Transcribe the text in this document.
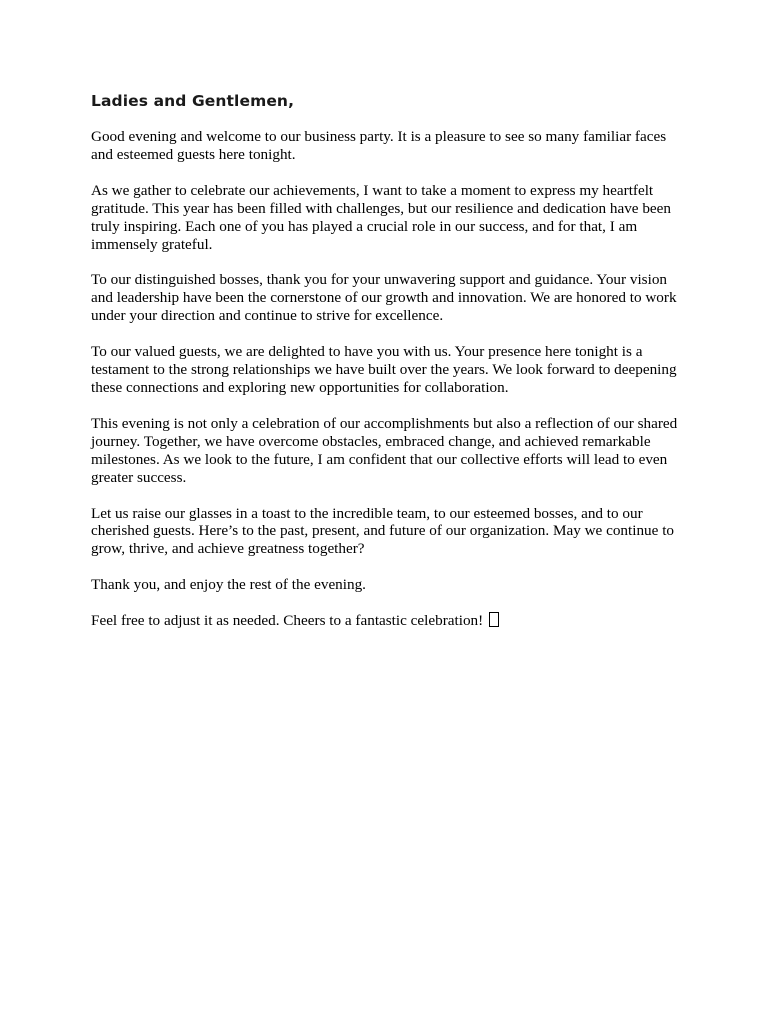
Ladies and Gentlemen,

Good evening and welcome to our business party. It is a pleasure to see so many familiar faces and esteemed guests here tonight.

As we gather to celebrate our achievements, I want to take a moment to express my heartfelt gratitude. This year has been filled with challenges, but our resilience and dedication have been truly inspiring. Each one of you has played a crucial role in our success, and for that, I am immensely grateful.

To our distinguished bosses, thank you for your unwavering support and guidance. Your vision and leadership have been the cornerstone of our growth and innovation. We are honored to work under your direction and continue to strive for excellence.

To our valued guests, we are delighted to have you with us. Your presence here tonight is a testament to the strong relationships we have built over the years. We look forward to deepening these connections and exploring new opportunities for collaboration.

This evening is not only a celebration of our accomplishments but also a reflection of our shared journey. Together, we have overcome obstacles, embraced change, and achieved remarkable milestones. As we look to the future, I am confident that our collective efforts will lead to even greater success.

Let us raise our glasses in a toast to the incredible team, to our esteemed bosses, and to our cherished guests. Here’s to the past, present, and future of our organization. May we continue to grow, thrive, and achieve greatness together?

Thank you, and enjoy the rest of the evening.

Feel free to adjust it as needed. Cheers to a fantastic celebration!
